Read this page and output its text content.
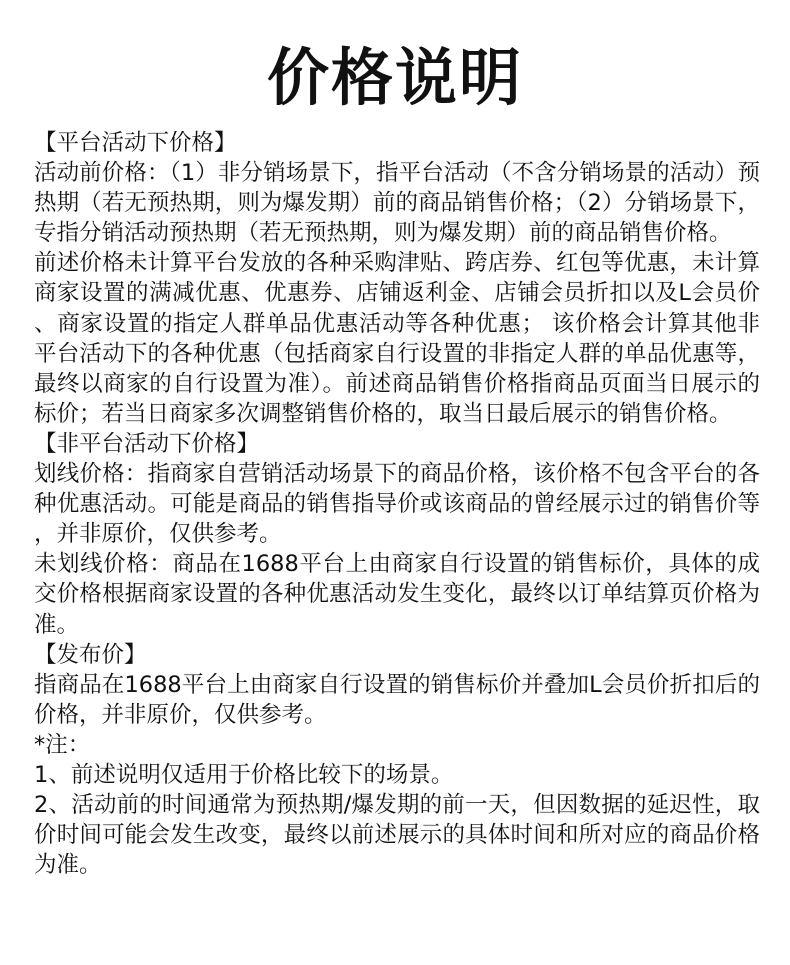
价格说明

【平台活动下价格】

活动前价格：（1）非分销场景下，指平台活动（不含分销场景的活动）预热期（若无预热期，则为爆发期）前的商品销售价格；（2）分销场景下，专指分销活动预热期（若无预热期，则为爆发期）前的商品销售价格。

前述价格未计算平台发放的各种采购津贴、跨店券、红包等优惠，未计算商家设置的满减优惠、优惠券、店铺返利金、店铺会员折扣以及L会员价、商家设置的指定人群单品优惠活动等各种优惠； 该价格会计算其他非平台活动下的各种优惠（包括商家自行设置的非指定人群的单品优惠等，最终以商家的自行设置为准）。前述商品销售价格指商品页面当日展示的标价；若当日商家多次调整销售价格的，取当日最后展示的销售价格。

【非平台活动下价格】

划线价格：指商家自营销活动场景下的商品价格，该价格不包含平台的各种优惠活动。可能是商品的销售指导价或该商品的曾经展示过的销售价等，并非原价，仅供参考。

未划线价格：商品在1688平台上由商家自行设置的销售标价，具体的成交价格根据商家设置的各种优惠活动发生变化，最终以订单结算页价格为准。

【发布价】

指商品在1688平台上由商家自行设置的销售标价并叠加L会员价折扣后的价格，并非原价，仅供参考。

*注：

1、前述说明仅适用于价格比较下的场景。

2、活动前的时间通常为预热期/爆发期的前一天，但因数据的延迟性，取价时间可能会发生改变，最终以前述展示的具体时间和所对应的商品价格为准。
